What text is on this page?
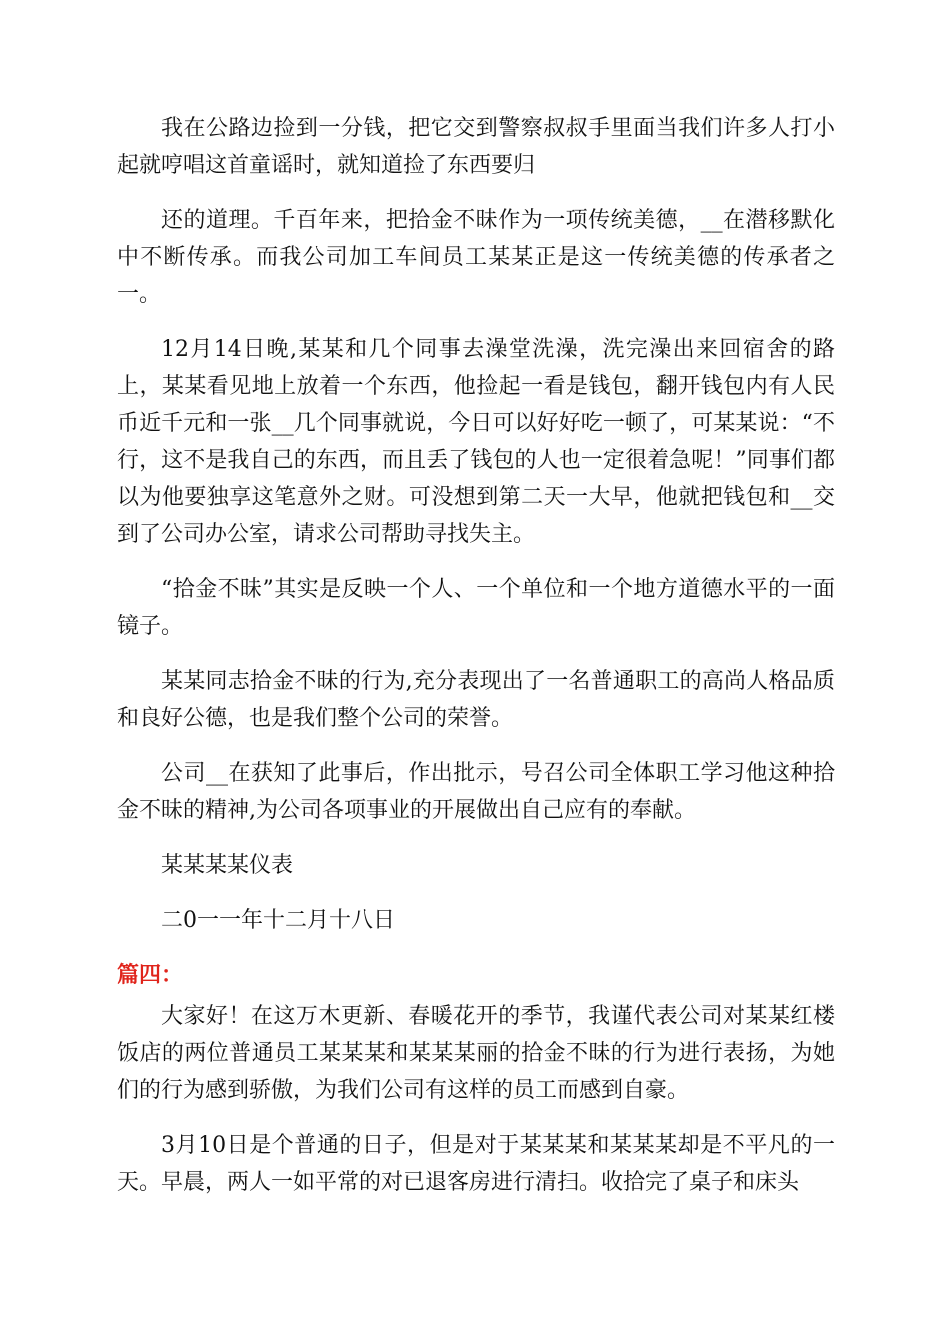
我在公路边捡到一分钱，把它交到警察叔叔手里面当我们许多人打小起就哼唱这首童谣时，就知道捡了东西要归

还的道理。千百年来，把拾金不昧作为一项传统美德，__在潜移默化中不断传承。而我公司加工车间员工某某正是这一传统美德的传承者之一。

12月14日晚,某某和几个同事去澡堂洗澡，洗完澡出来回宿舍的路上，某某看见地上放着一个东西，他捡起一看是钱包，翻开钱包内有人民币近千元和一张__几个同事就说，今日可以好好吃一顿了，可某某说：“不行，这不是我自己的东西，而且丢了钱包的人也一定很着急呢！”同事们都以为他要独享这笔意外之财。可没想到第二天一大早，他就把钱包和__交到了公司办公室，请求公司帮助寻找失主。

“拾金不昧”其实是反映一个人、一个单位和一个地方道德水平的一面镜子。

某某同志拾金不昧的行为,充分表现出了一名普通职工的高尚人格品质和良好公德，也是我们整个公司的荣誉。

公司__在获知了此事后，作出批示，号召公司全体职工学习他这种拾金不昧的精神,为公司各项事业的开展做出自己应有的奉献。

某某某某仪表

二0一一年十二月十八日

篇四：

大家好！在这万木更新、春暖花开的季节，我谨代表公司对某某红楼饭店的两位普通员工某某某和某某某丽的拾金不昧的行为进行表扬，为她们的行为感到骄傲，为我们公司有这样的员工而感到自豪。

3月10日是个普通的日子，但是对于某某某和某某某却是不平凡的一天。早晨，两人一如平常的对已退客房进行清扫。收拾完了桌子和床头
